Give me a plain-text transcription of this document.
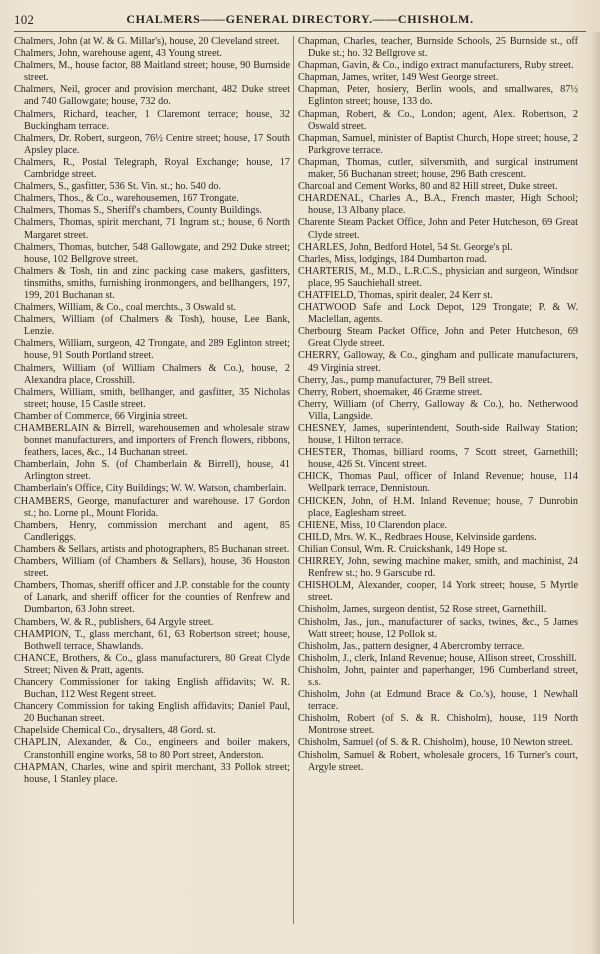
102	CHALMERS——GENERAL DIRECTORY.——CHISHOLM.

Chalmers, John (at W. & G. Millar's), house, 20 Cleveland street.

Chalmers, John, warehouse agent, 43 Young street.

Chalmers, M., house factor, 88 Maitland street; house, 90 Burnside street.

Chalmers, Neil, grocer and provision merchant, 482 Duke street and 740 Gallowgate; house, 732 do.

Chalmers, Richard, teacher, 1 Claremont terrace; house, 32 Buckingham terrace.

Chalmers, Dr. Robert, surgeon, 76½ Centre street; house, 17 South Apsley place.

Chalmers, R., Postal Telegraph, Royal Exchange; house, 17 Cambridge street.

Chalmers, S., gasfitter, 536 St. Vin. st.; ho. 540 do.

Chalmers, Thos., & Co., warehousemen, 167 Trongate.

Chalmers, Thomas S., Sheriff's chambers, County Buildings.

Chalmers, Thomas, spirit merchant, 71 Ingram st.; house, 6 North Margaret street.

Chalmers, Thomas, butcher, 548 Gallowgate, and 292 Duke street; house, 102 Bellgrove street.

Chalmers & Tosh, tin and zinc packing case makers, gasfitters, tinsmiths, smiths, furnishing ironmongers, and bellhangers, 197, 199, 201 Buchanan st.

Chalmers, William, & Co., coal merchts., 3 Oswald st.

Chalmers, William (of Chalmers & Tosh), house, Lee Bank, Lenzie.

Chalmers, William, surgeon, 42 Trongate, and 289 Eglinton street; house, 91 South Portland street.

Chalmers, William (of William Chalmers & Co.), house, 2 Alexandra place, Crosshill.

Chalmers, William, smith, bellhanger, and gasfitter, 35 Nicholas street; house, 15 Castle street.

Chamber of Commerce, 66 Virginia street.

CHAMBERLAIN & Birrell, warehousemen and wholesale straw bonnet manufacturers, and importers of French flowers, ribbons, feathers, laces, &c., 14 Buchanan street.

Chamberlain, John S. (of Chamberlain & Birrell), house, 41 Arlington street.

Chamberlain's Office, City Buildings; W. W. Watson, chamberlain.

CHAMBERS, George, manufacturer and warehouse. 17 Gordon st.; ho. Lorne pl., Mount Florida.

Chambers, Henry, commission merchant and agent, 85 Candleriggs.

Chambers & Sellars, artists and photographers, 85 Buchanan street.

Chambers, William (of Chambers & Sellars), house, 36 Houston street.

Chambers, Thomas, sheriff officer and J.P. constable for the county of Lanark, and sheriff officer for the counties of Renfrew and Dumbarton, 63 John street.

Chambers, W. & R., publishers, 64 Argyle street.

CHAMPION, T., glass merchant, 61, 63 Robertson street; house, Bothwell terrace, Shawlands.

CHANCE, Brothers, & Co., glass manufacturers, 80 Great Clyde Street; Niven & Pratt, agents.

Chancery Commissioner for taking English affidavits; W. R. Buchan, 112 West Regent street.

Chancery Commission for taking English affidavits; Daniel Paul, 20 Buchanan street.

Chapelside Chemical Co., drysalters, 48 Gord. st.

CHAPLIN, Alexander, & Co., engineers and boiler makers, Cranstonhill engine works, 58 to 80 Port street, Anderston.

CHAPMAN, Charles, wine and spirit merchant, 33 Pollok street; house, 1 Stanley place.

Chapman, Charles, teacher, Burnside Schools, 25 Burnside st., off Duke st.; ho. 32 Bellgrove st.

Chapman, Gavin, & Co., indigo extract manufacturers, Ruby street.

Chapman, James, writer, 149 West George street.

Chapman, Peter, hosiery, Berlin wools, and smallwares, 87½ Eglinton street; house, 133 do.

Chapman, Robert, & Co., London; agent, Alex. Robertson, 2 Oswald street.

Chapman, Samuel, minister of Baptist Church, Hope street; house, 2 Parkgrove terrace.

Chapman, Thomas, cutler, silversmith, and surgical instrument maker, 56 Buchanan street; house, 296 Bath crescent.

Charcoal and Cement Works, 80 and 82 Hill street, Duke street.

CHARDENAL, Charles A., B.A., French master, High School; house, 13 Albany place.

Charente Steam Packet Office, John and Peter Hutcheson, 69 Great Clyde street.

CHARLES, John, Bedford Hotel, 54 St. George's pl.

Charles, Miss, lodgings, 184 Dumbarton road.

CHARTERIS, M., M.D., L.R.C.S., physician and surgeon, Windsor place, 95 Sauchiehall street.

CHATFIELD, Thomas, spirit dealer, 24 Kerr st.

CHATWOOD Safe and Lock Depot, 129 Trongate; P. & W. Maclellan, agents.

Cherbourg Steam Packet Office, John and Peter Hutcheson, 69 Great Clyde street.

CHERRY, Galloway, & Co., gingham and pullicate manufacturers, 49 Virginia street.

Cherry, Jas., pump manufacturer, 79 Bell street.

Cherry, Robert, shoemaker, 46 Græme street.

Cherry, William (of Cherry, Galloway & Co.), ho. Netherwood Villa, Langside.

CHESNEY, James, superintendent, South-side Railway Station; house, 1 Hilton terrace.

CHESTER, Thomas, billiard rooms, 7 Scott street, Garnethill; house, 426 St. Vincent street.

CHICK, Thomas Paul, officer of Inland Revenue; house, 114 Wellpark terrace, Dennistoun.

CHICKEN, John, of H.M. Inland Revenue; house, 7 Dunrobin place, Eaglesham street.

CHIENE, Miss, 10 Clarendon place.

CHILD, Mrs. W. K., Redbraes House, Kelvinside gardens.

Chilian Consul, Wm. R. Cruickshank, 149 Hope st.

CHIRREY, John, sewing machine maker, smith, and machinist, 24 Renfrew st.; ho. 9 Garscube rd.

CHISHOLM, Alexander, cooper, 14 York street; house, 5 Myrtle street.

Chisholm, James, surgeon dentist, 52 Rose street, Garnethill.

Chisholm, Jas., jun., manufacturer of sacks, twines, &c., 5 James Watt street; house, 12 Pollok st.

Chisholm, Jas., pattern designer, 4 Abercromby terrace.

Chisholm, J., clerk, Inland Revenue; house, Allison street, Crosshill.

Chisholm, John, painter and paperhanger, 196 Cumberland street, s.s.

Chisholm, John (at Edmund Brace & Co.'s), house, 1 Newhall terrace.

Chisholm, Robert (of S. & R. Chisholm), house, 119 North Montrose street.

Chisholm, Samuel (of S. & R. Chisholm), house, 10 Newton street.

Chisholm, Samuel & Robert, wholesale grocers, 16 Turner's court, Argyle street.
